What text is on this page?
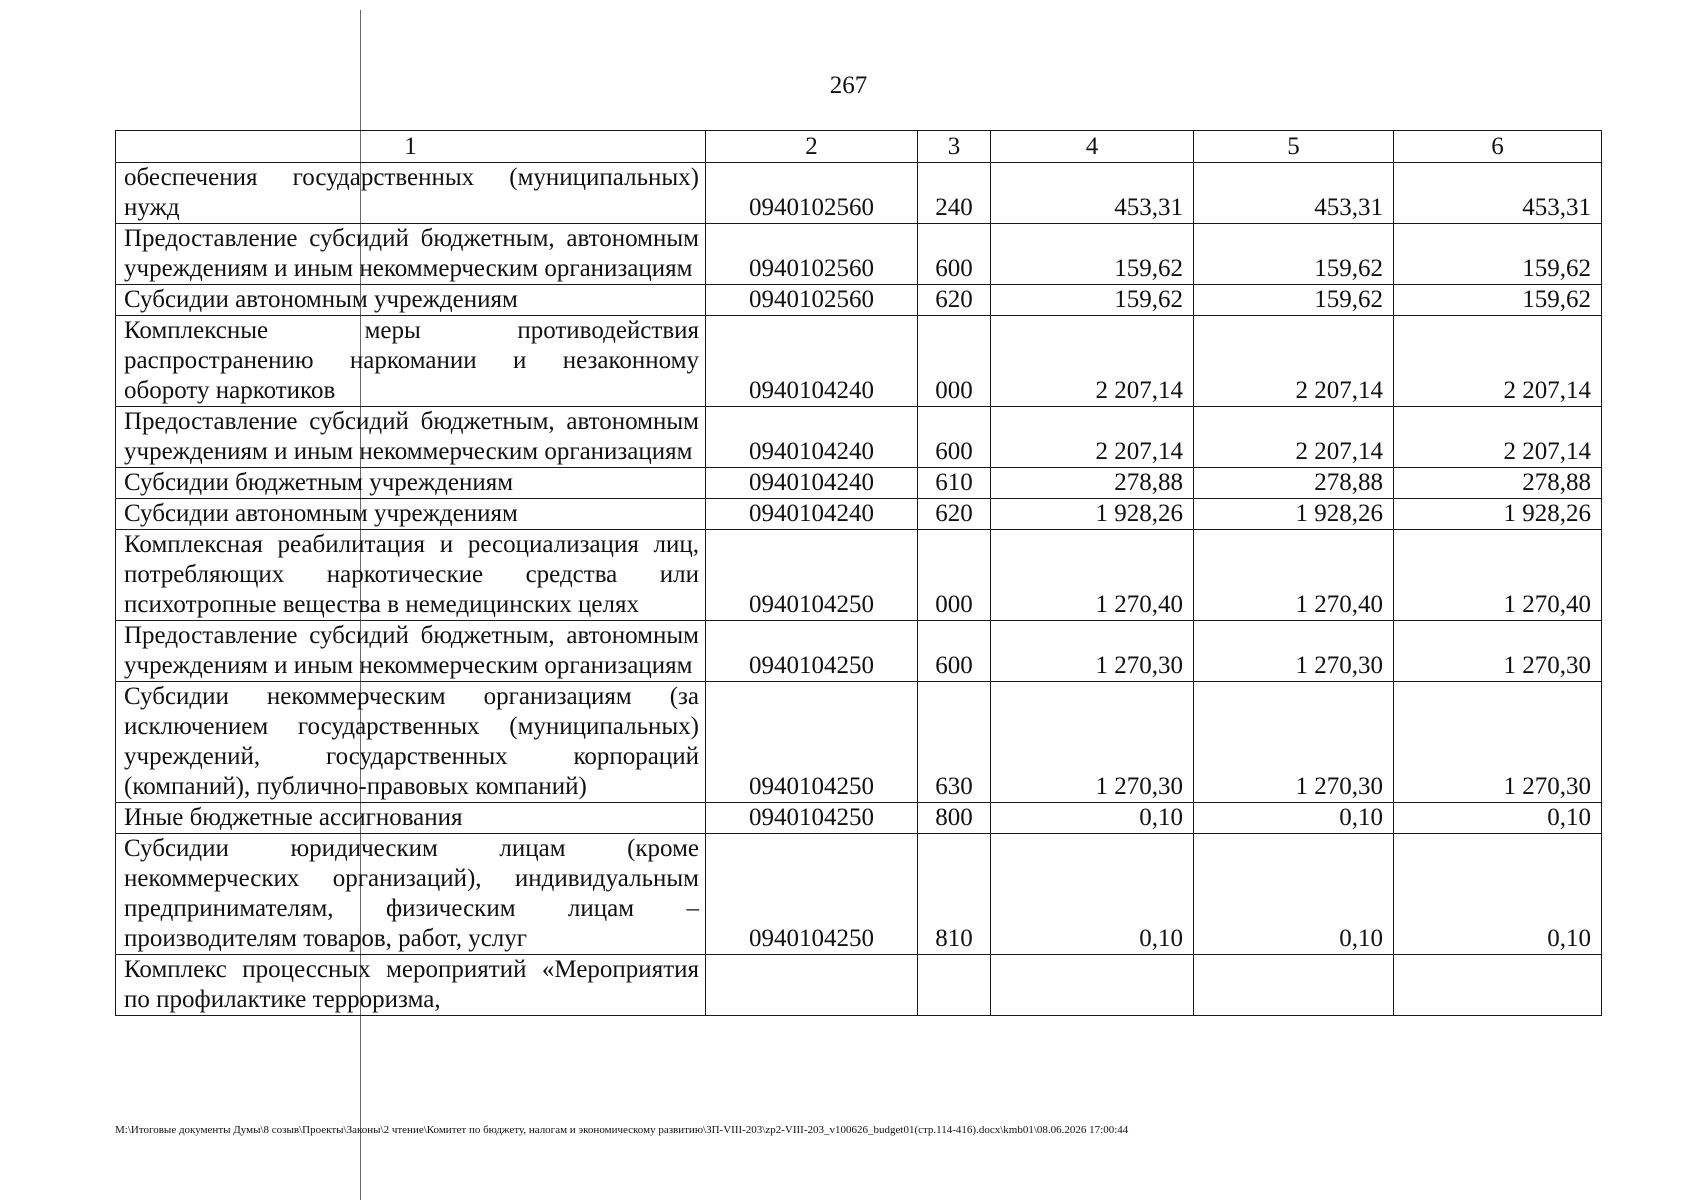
267
1	2	3	4	5	6
обеспечения государственных (муниципальных) нужд	0940102560	240	453,31	453,31	453,31
Предоставление субсидий бюджетным, автономным учреждениям и иным некоммерческим организациям	0940102560	600	159,62	159,62	159,62
Субсидии автономным учреждениям	0940102560	620	159,62	159,62	159,62
Комплексные меры противодействия распространению наркомании и незаконному обороту наркотиков	0940104240	000	2 207,14	2 207,14	2 207,14
Предоставление субсидий бюджетным, автономным учреждениям и иным некоммерческим организациям	0940104240	600	2 207,14	2 207,14	2 207,14
Субсидии бюджетным учреждениям	0940104240	610	278,88	278,88	278,88
Субсидии автономным учреждениям	0940104240	620	1 928,26	1 928,26	1 928,26
Комплексная реабилитация и ресоциализация лиц, потребляющих наркотические средства или психотропные вещества в немедицинских целях	0940104250	000	1 270,40	1 270,40	1 270,40
Предоставление субсидий бюджетным, автономным учреждениям и иным некоммерческим организациям	0940104250	600	1 270,30	1 270,30	1 270,30
Субсидии некоммерческим организациям (за исключением государственных (муниципальных) учреждений, государственных корпораций (компаний), публично-правовых компаний)	0940104250	630	1 270,30	1 270,30	1 270,30
Иные бюджетные ассигнования	0940104250	800	0,10	0,10	0,10
Субсидии юридическим лицам (кроме некоммерческих организаций), индивидуальным предпринимателям, физическим лицам – производителям товаров, работ, услуг	0940104250	810	0,10	0,10	0,10
Комплекс процессных мероприятий «Мероприятия по профилактике терроризма,					
M:\Итоговые документы Думы\8 созыв\Проекты\Законы\2 чтение\Комитет по бюджету, налогам и экономическому развитию\ЗП-VIII-203\zp2-VIII-203_v100626_budget01(стр.114-416).docx\kmb01\08.06.2026 17:00:44
